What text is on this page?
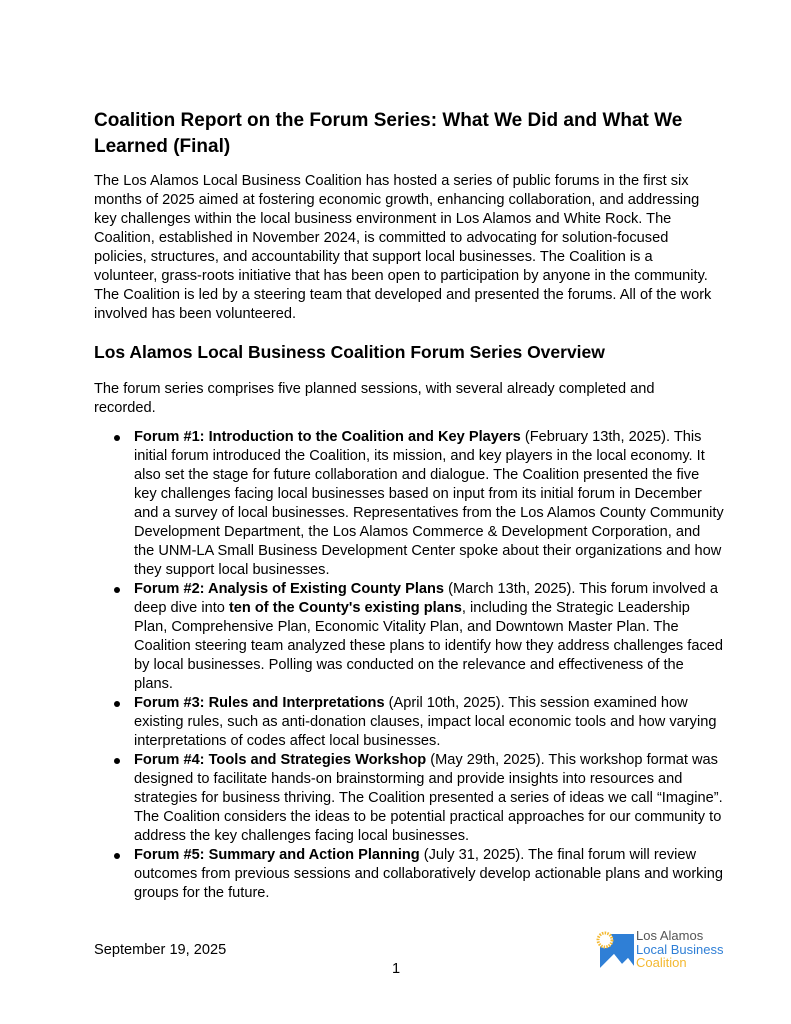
Coalition Report on the Forum Series: What We Did and What We Learned (Final)

The Los Alamos Local Business Coalition has hosted a series of public forums in the first six months of 2025 aimed at fostering economic growth, enhancing collaboration, and addressing key challenges within the local business environment in Los Alamos and White Rock. The Coalition, established in November 2024, is committed to advocating for solution-focused policies, structures, and accountability that support local businesses. The Coalition is a volunteer, grass-roots initiative that has been open to participation by anyone in the community. The Coalition is led by a steering team that developed and presented the forums. All of the work involved has been volunteered.

Los Alamos Local Business Coalition Forum Series Overview

The forum series comprises five planned sessions, with several already completed and recorded.

Forum #1: Introduction to the Coalition and Key Players (February 13th, 2025). This initial forum introduced the Coalition, its mission, and key players in the local economy. It also set the stage for future collaboration and dialogue. The Coalition presented the five key challenges facing local businesses based on input from its initial forum in December and a survey of local businesses. Representatives from the Los Alamos County Community Development Department, the Los Alamos Commerce & Development Corporation, and the UNM-LA Small Business Development Center spoke about their organizations and how they support local businesses.
Forum #2: Analysis of Existing County Plans (March 13th, 2025). This forum involved a deep dive into ten of the County's existing plans, including the Strategic Leadership Plan, Comprehensive Plan, Economic Vitality Plan, and Downtown Master Plan. The Coalition steering team analyzed these plans to identify how they address challenges faced by local businesses. Polling was conducted on the relevance and effectiveness of the plans.
Forum #3: Rules and Interpretations (April 10th, 2025). This session examined how existing rules, such as anti-donation clauses, impact local economic tools and how varying interpretations of codes affect local businesses.
Forum #4: Tools and Strategies Workshop (May 29th, 2025). This workshop format was designed to facilitate hands-on brainstorming and provide insights into resources and strategies for business thriving. The Coalition presented a series of ideas we call “Imagine”. The Coalition considers the ideas to be potential practical approaches for our community to address the key challenges facing local businesses.
Forum #5: Summary and Action Planning (July 31, 2025). The final forum will review outcomes from previous sessions and collaboratively develop actionable plans and working groups for the future.
September 19, 2025
1
Los Alamos
Local Business
Coalition
